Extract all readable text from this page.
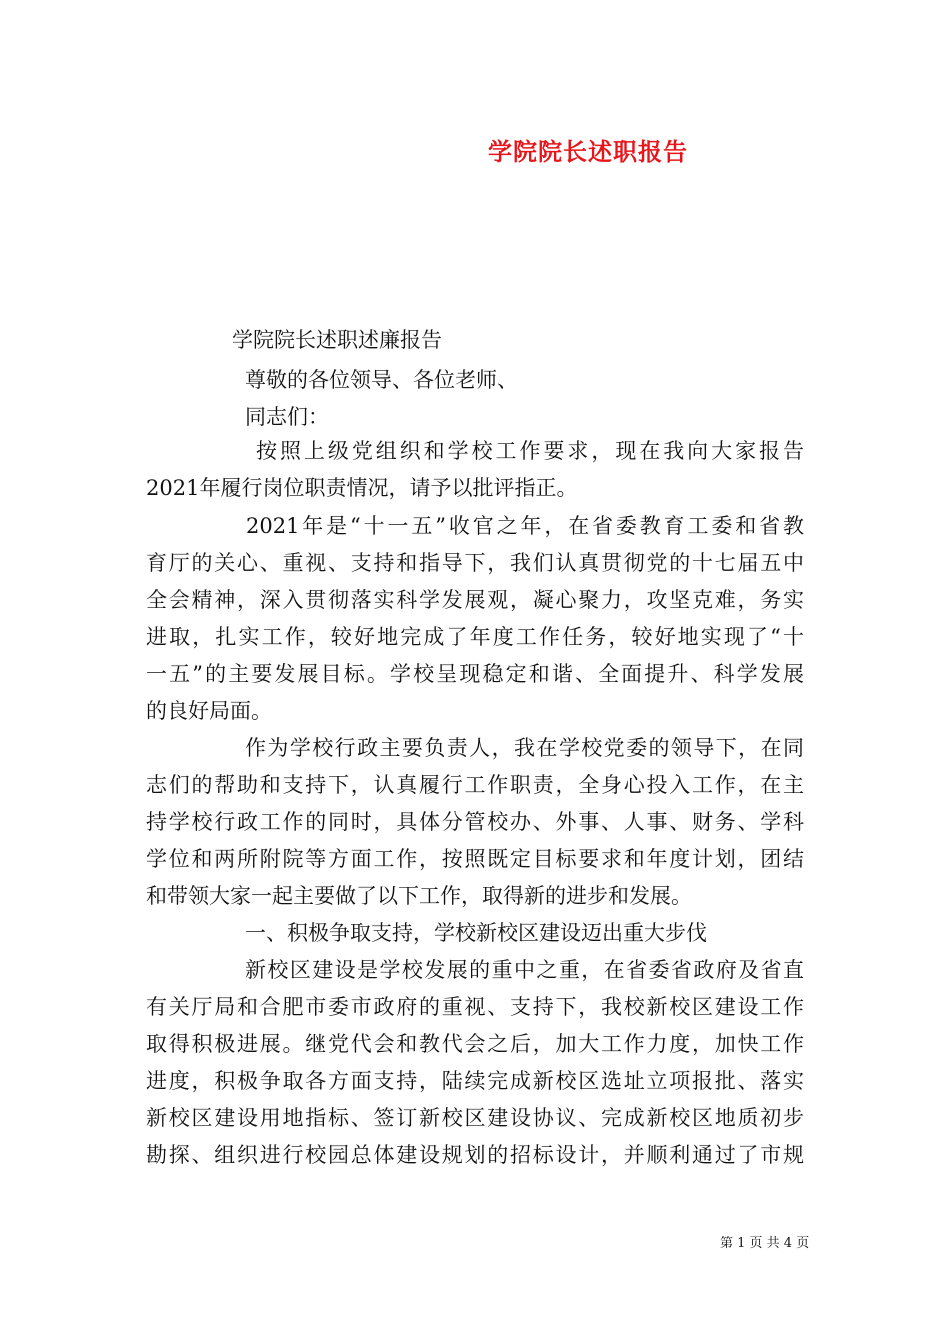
学院院长述职报告
学院院长述职述廉报告
尊敬的各位领导、各位老师、
同志们：
按照上级党组织和学校工作要求，现在我向大家报告
2021年履行岗位职责情况，请予以批评指正。
2021年是“十一五”收官之年，在省委教育工委和省教
育厅的关心、重视、支持和指导下，我们认真贯彻党的十七届五中
全会精神，深入贯彻落实科学发展观，凝心聚力，攻坚克难，务实
进取，扎实工作，较好地完成了年度工作任务，较好地实现了“十
一五”的主要发展目标。学校呈现稳定和谐、全面提升、科学发展
的良好局面。
作为学校行政主要负责人，我在学校党委的领导下，在同
志们的帮助和支持下，认真履行工作职责，全身心投入工作，在主
持学校行政工作的同时，具体分管校办、外事、人事、财务、学科
学位和两所附院等方面工作，按照既定目标要求和年度计划，团结
和带领大家一起主要做了以下工作，取得新的进步和发展。
一、积极争取支持，学校新校区建设迈出重大步伐
新校区建设是学校发展的重中之重，在省委省政府及省直
有关厅局和合肥市委市政府的重视、支持下，我校新校区建设工作
取得积极进展。继党代会和教代会之后，加大工作力度，加快工作
进度，积极争取各方面支持，陆续完成新校区选址立项报批、落实
新校区建设用地指标、签订新校区建设协议、完成新校区地质初步
勘探、组织进行校园总体建设规划的招标设计，并顺利通过了市规
第 1 页 共 4 页
